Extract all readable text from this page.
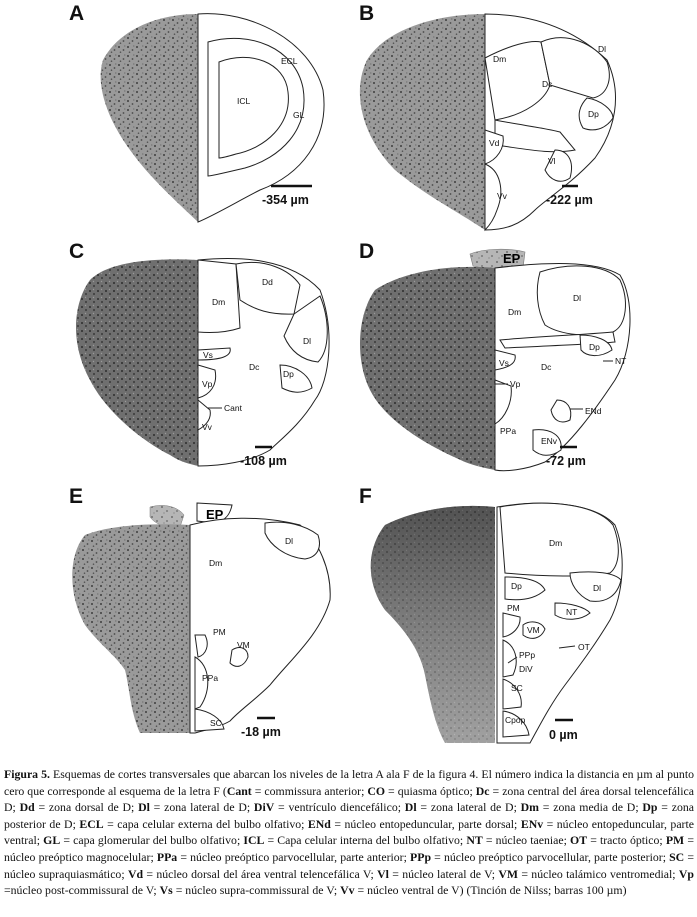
A
ECL
ICL
GL
-354 µm
B
Dl
Dm
Dc
Dp
Vd
Vl
Vv	-222 µm
C
Dd
Dm
Dl
Vs
Dc
Dp
Vp
Cant
Vv
-108 µm
D	EP
Dl
Dm
Dp
Vs	Dc
NT
Vp
ENd
PPa
ENv
-72 µm
E
EP
Dl
Dm
PM
VM
PPa
SC
-18 µm
F
Dm
Dl
Dp
NT
PM
VM
OT
PPp
DiV
SC
Cpop
0 µm
Figura 5. Esquemas de cortes transversales que abarcan los niveles de la letra A ala F de la figura 4. El número indica la distancia en µm al punto cero que corresponde al esquema de la letra F (Cant = commissura anterior; CO = quiasma óptico; Dc = zona central del área dorsal telencefálica D; Dd = zona dorsal de D; Dl = zona lateral de D; DiV = ventrículo diencefálico; Dl = zona lateral de D; Dm = zona media de D; Dp = zona posterior de D; ECL = capa celular externa del bulbo olfativo; ENd = núcleo entopeduncular, parte dorsal; ENv = núcleo entopeduncular, parte ventral; GL = capa glomerular del bulbo olfativo; ICL = Capa celular interna del bulbo olfativo; NT = núcleo taeniae; OT = tracto óptico; PM = núcleo preóptico magnocelular; PPa = núcleo preóptico parvocellular, parte anterior; PPp = núcleo preóptico parvocellular, parte posterior; SC = núcleo supraquiasmático; Vd = núcleo dorsal del área ventral telencefálica V; Vl = núcleo lateral de V; VM = núcleo talámico ventromedial; Vp =núcleo post-commissural de V; Vs = núcleo supra-commissural de V; Vv = núcleo ventral de V) (Tinción de Nilss; barras 100 µm)
